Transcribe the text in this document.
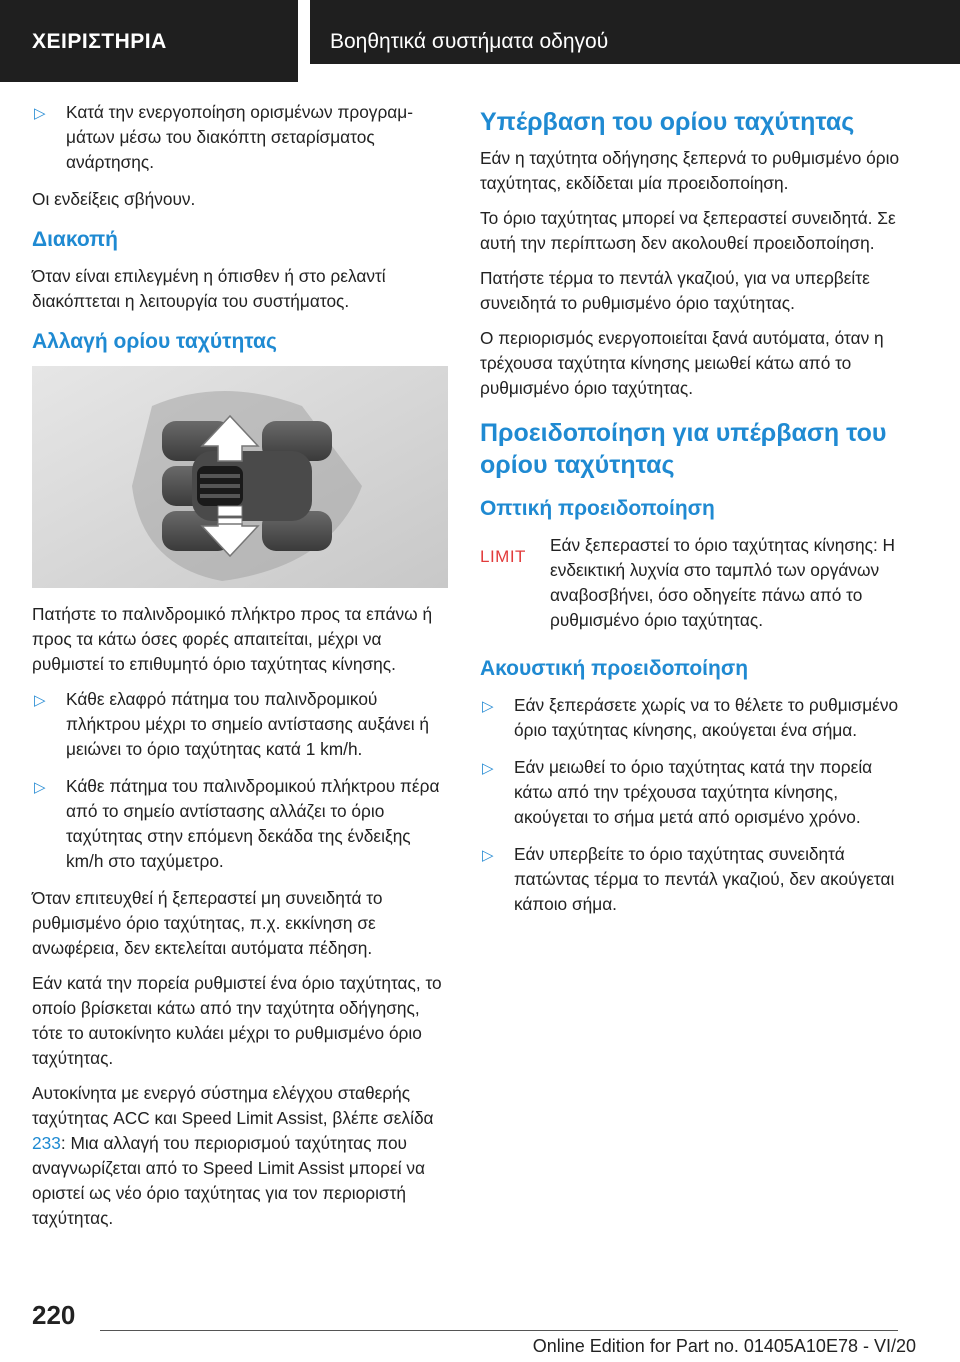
ΧΕΙΡΙΣΤΗΡΙΑ	Βοηθητικά συστήματα οδηγού
▷ Κατά την ενεργοποίηση ορισμένων προγραμμάτων μέσω του διακόπτη σεταρίσματος ανάρτησης.

Οι ενδείξεις σβήνουν.

Διακοπή

Όταν είναι επιλεγμένη η όπισθεν ή στο ρελαντί διακόπτεται η λειτουργία του συστήματος.

Αλλαγή ορίου ταχύτητας

Πατήστε το παλινδρομικό πλήκτρο προς τα επάνω ή προς τα κάτω όσες φορές απαιτείται, μέχρι να ρυθμιστεί το επιθυμητό όριο ταχύτητας κίνησης.

▷ Κάθε ελαφρό πάτημα του παλινδρομικού πλήκτρου μέχρι το σημείο αντίστασης αυξάνει ή μειώνει το όριο ταχύτητας κατά 1 km/h.
▷ Κάθε πάτημα του παλινδρομικού πλήκτρου πέρα από το σημείο αντίστασης αλλάζει το όριο ταχύτητας στην επόμενη δεκάδα της ένδειξης km/h στο ταχύμετρο.

Όταν επιτευχθεί ή ξεπεραστεί μη συνειδητά το ρυθμισμένο όριο ταχύτητας, π.χ. εκκίνηση σε ανωφέρεια, δεν εκτελείται αυτόματα πέδηση.

Εάν κατά την πορεία ρυθμιστεί ένα όριο ταχύτητας, το οποίο βρίσκεται κάτω από την ταχύτητα οδήγησης, τότε το αυτοκίνητο κυλάει μέχρι το ρυθμισμένο όριο ταχύτητας.

Αυτοκίνητα με ενεργό σύστημα ελέγχου σταθερής ταχύτητας ACC και Speed Limit Assist, βλέπε σελίδα 233: Μια αλλαγή του περιορισμού ταχύτητας που αναγνωρίζεται από το Speed Limit Assist μπορεί να οριστεί ως νέο όριο ταχύτητας για τον περιοριστή ταχύτητας.

Υπέρβαση του ορίου ταχύτητας

Εάν η ταχύτητα οδήγησης ξεπερνά το ρυθμισμένο όριο ταχύτητας, εκδίδεται μία προειδοποίηση.

Το όριο ταχύτητας μπορεί να ξεπεραστεί συνειδητά. Σε αυτή την περίπτωση δεν ακολουθεί προειδοποίηση.

Πατήστε τέρμα το πεντάλ γκαζιού, για να υπερβείτε συνειδητά το ρυθμισμένο όριο ταχύτητας.

Ο περιορισμός ενεργοποιείται ξανά αυτόματα, όταν η τρέχουσα ταχύτητα κίνησης μειωθεί κάτω από το ρυθμισμένο όριο ταχύτητας.

Προειδοποίηση για υπέρβαση του ορίου ταχύτητας
Οπτική προειδοποίηση
LIMIT

Εάν ξεπεραστεί το όριο ταχύτητας κίνησης: Η ενδεικτική λυχνία στο ταμπλό των οργάνων αναβοσβήνει, όσο οδηγείτε πάνω από το ρυθμισμένο όριο ταχύτητας.

Ακουστική προειδοποίηση
▷ Εάν ξεπεράσετε χωρίς να το θέλετε το ρυθμισμένο όριο ταχύτητας κίνησης, ακούγεται ένα σήμα.
▷ Εάν μειωθεί το όριο ταχύτητας κατά την πορεία κάτω από την τρέχουσα ταχύτητα κίνησης, ακούγεται το σήμα μετά από ορισμένο χρόνο.
▷ Εάν υπερβείτε το όριο ταχύτητας συνειδητά πατώντας τέρμα το πεντάλ γκαζιού, δεν ακούγεται κάποιο σήμα.
220
Online Edition for Part no. 01405A10E78 - VI/20
